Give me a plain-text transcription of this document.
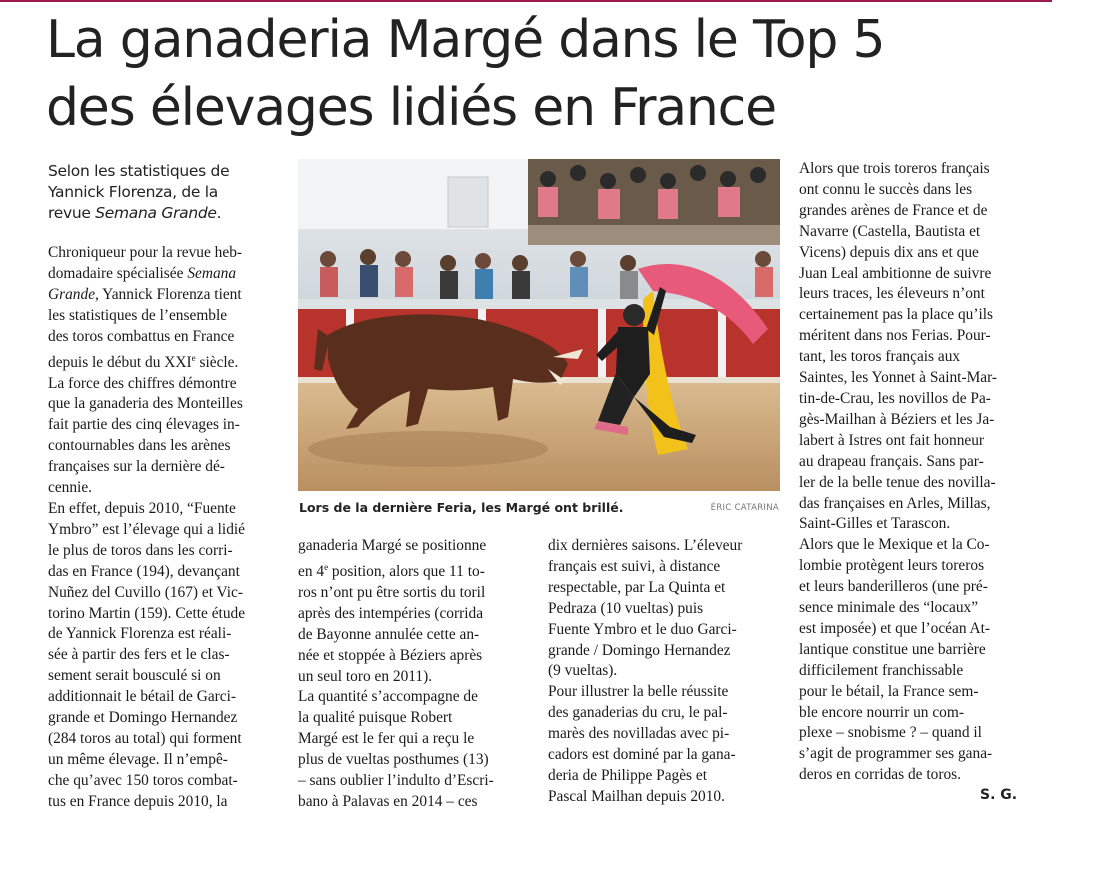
La ganaderia Margé dans le Top 5
des élevages lidiés en France
Selon les statistiques de
Yannick Florenza, de la
revue Semana Grande.
Chroniqueur pour la revue heb-
domadaire spécialisée Semana
Grande, Yannick Florenza tient
les statistiques de l’ensemble
des toros combattus en France
depuis le début du XXIe siècle.
La force des chiffres démontre
que la ganaderia des Monteilles
fait partie des cinq élevages in-
contournables dans les arènes
françaises sur la dernière dé-
cennie.
En effet, depuis 2010, “Fuente
Ymbro” est l’élevage qui a lidié
le plus de toros dans les corri-
das en France (194), devançant
Nuñez del Cuvillo (167) et Vic-
torino Martin (159). Cette étude
de Yannick Florenza est réali-
sée à partir des fers et le clas-
sement serait bousculé si on
additionnait le bétail de Garci-
grande et Domingo Hernandez
(284 toros au total) qui forment
un même élevage. Il n’empê-
che qu’avec 150 toros combat-
tus en France depuis 2010, la
Lors de la dernière Feria, les Margé ont brillé.	ÉRIC CATARINA
ganaderia Margé se positionne
en 4e position, alors que 11 to-
ros n’ont pu être sortis du toril
après des intempéries (corrida
de Bayonne annulée cette an-
née et stoppée à Béziers après
un seul toro en 2011).
La quantité s’accompagne de
la qualité puisque Robert
Margé est le fer qui a reçu le
plus de vueltas posthumes (13)
– sans oublier l’indulto d’Escri-
bano à Palavas en 2014 – ces
dix dernières saisons. L’éleveur
français est suivi, à distance
respectable, par La Quinta et
Pedraza (10 vueltas) puis
Fuente Ymbro et le duo Garci-
grande / Domingo Hernandez
(9 vueltas).
Pour illustrer la belle réussite
des ganaderias du cru, le pal-
marès des novilladas avec pi-
cadors est dominé par la gana-
deria de Philippe Pagès et
Pascal Mailhan depuis 2010.
Alors que trois toreros français
ont connu le succès dans les
grandes arènes de France et de
Navarre (Castella, Bautista et
Vicens) depuis dix ans et que
Juan Leal ambitionne de suivre
leurs traces, les éleveurs n’ont
certainement pas la place qu’ils
méritent dans nos Ferias. Pour-
tant, les toros français aux
Saintes, les Yonnet à Saint-Mar-
tin-de-Crau, les novillos de Pa-
gès-Mailhan à Béziers et les Ja-
labert à Istres ont fait honneur
au drapeau français. Sans par-
ler de la belle tenue des novilla-
das françaises en Arles, Millas,
Saint-Gilles et Tarascon.
Alors que le Mexique et la Co-
lombie protègent leurs toreros
et leurs banderilleros (une pré-
sence minimale des “locaux”
est imposée) et que l’océan At-
lantique constitue une barrière
difficilement franchissable
pour le bétail, la France sem-
ble encore nourrir un com-
plexe – snobisme ? – quand il
s’agit de programmer ses gana-
deros en corridas de toros.
S. G.
